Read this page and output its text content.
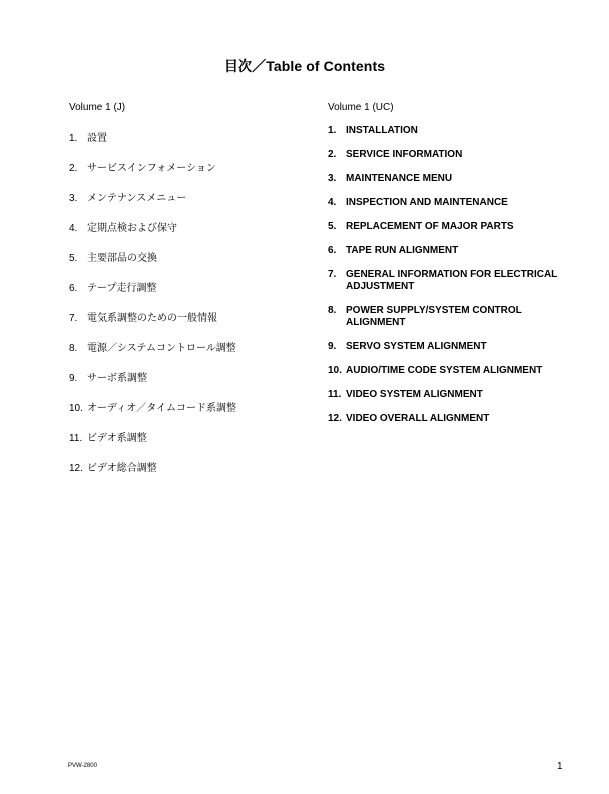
目次／Table of Contents
Volume 1 (J)	Volume 1 (UC)
1. 設置
2. サービスインフォメーション
3. メンテナンスメニュー
4. 定期点検および保守
5. 主要部品の交換
6. テープ走行調整
7. 電気系調整のための一般情報
8. 電源／システムコントロール調整
9. サーボ系調整
10. オーディオ／タイムコード系調整
11. ビデオ系調整
12. ビデオ総合調整
1. INSTALLATION
2. SERVICE INFORMATION
3. MAINTENANCE MENU
4. INSPECTION AND MAINTENANCE
5. REPLACEMENT OF MAJOR PARTS
6. TAPE RUN ALIGNMENT
7. GENERAL INFORMATION FOR ELECTRICAL ADJUSTMENT
8. POWER SUPPLY/SYSTEM CONTROL ALIGNMENT
9. SERVO SYSTEM ALIGNMENT
10. AUDIO/TIME CODE SYSTEM ALIGNMENT
11. VIDEO SYSTEM ALIGNMENT
12. VIDEO OVERALL ALIGNMENT
PVW-2800	1
